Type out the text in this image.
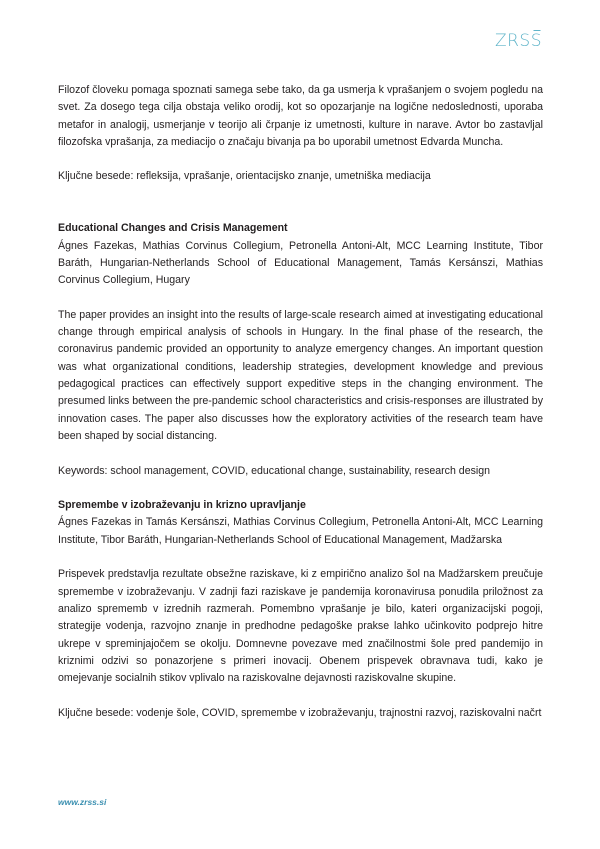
ZRSS

Filozof človeku pomaga spoznati samega sebe tako, da ga usmerja k vprašanjem o svojem pogledu na svet. Za dosego tega cilja obstaja veliko orodij, kot so opozarjanje na logične nedoslednosti, uporaba metafor in analogij, usmerjanje v teorijo ali črpanje iz umetnosti, kulture in narave. Avtor bo zastavljal filozofska vprašanja, za mediacijo o značaju bivanja pa bo uporabil umetnost Edvarda Muncha.

Ključne besede: refleksija, vprašanje, orientacijsko znanje, umetniška mediacija

Educational Changes and Crisis Management

Ágnes Fazekas, Mathias Corvinus Collegium, Petronella Antoni-Alt, MCC Learning Institute, Tibor Baráth, Hungarian-Netherlands School of Educational Management, Tamás Kersánszi, Mathias Corvinus Collegium, Hugary

The paper provides an insight into the results of large-scale research aimed at investigating educational change through empirical analysis of schools in Hungary. In the final phase of the research, the coronavirus pandemic provided an opportunity to analyze emergency changes. An important question was what organizational conditions, leadership strategies, development knowledge and previous pedagogical practices can effectively support expeditive steps in the changing environment. The presumed links between the pre-pandemic school characteristics and crisis-responses are illustrated by innovation cases. The paper also discusses how the exploratory activities of the research team have been shaped by social distancing.

Keywords: school management, COVID, educational change, sustainability, research design

Spremembe v izobraževanju in krizno upravljanje

Ágnes Fazekas in Tamás Kersánszi, Mathias Corvinus Collegium, Petronella Antoni-Alt, MCC Learning Institute, Tibor Baráth, Hungarian-Netherlands School of Educational Management, Madžarska

Prispevek predstavlja rezultate obsežne raziskave, ki z empirično analizo šol na Madžarskem preučuje spremembe v izobraževanju. V zadnji fazi raziskave je pandemija koronavirusa ponudila priložnost za analizo sprememb v izrednih razmerah. Pomembno vprašanje je bilo, kateri organizacijski pogoji, strategije vodenja, razvojno znanje in predhodne pedagoške prakse lahko učinkovito podprejo hitre ukrepe v spreminjajočem se okolju. Domnevne povezave med značilnostmi šole pred pandemijo in kriznimi odzivi so ponazorjene s primeri inovacij. Obenem prispevek obravnava tudi, kako je omejevanje socialnih stikov vplivalo na raziskovalne dejavnosti raziskovalne skupine.

Ključne besede: vodenje šole, COVID, spremembe v izobraževanju, trajnostni razvoj, raziskovalni načrt

www.zrss.si
